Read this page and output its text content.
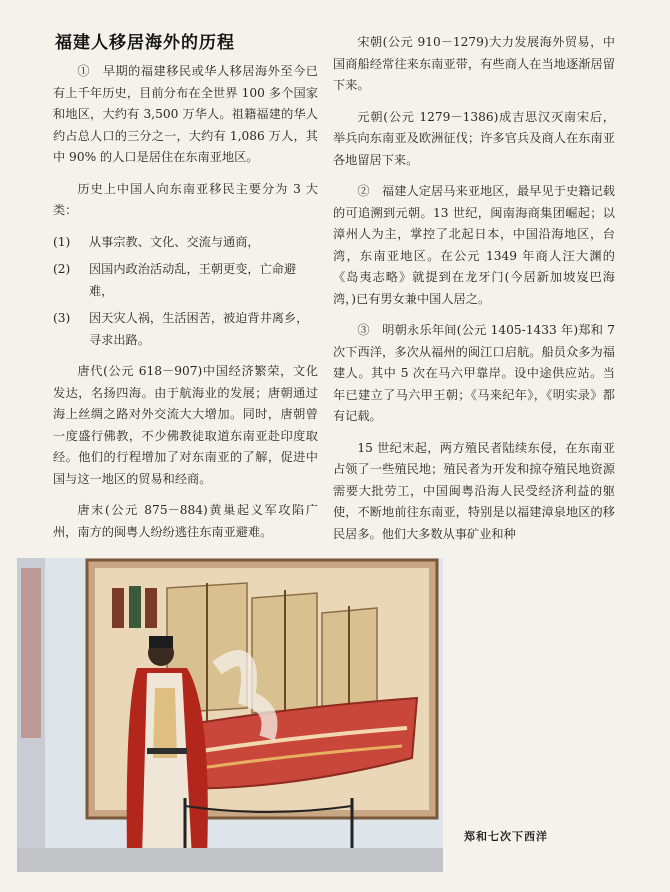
福建人移居海外的历程

①　早期的福建移民或华人移居海外至今已有上千年历史，目前分布在全世界 100 多个国家和地区，大约有 3,500 万华人。祖籍福建的华人约占总人口的三分之一，大约有 1,086 万人，其中 90% 的人口是居住在东南亚地区。

历史上中国人向东南亚移民主要分为 3 大类：

(1) 从事宗教、文化、交流与通商，
(2) 因国内政治活动乱，王朝更变，亡命避难，
(3) 因天灾人祸，生活困苦，被迫背井离乡，寻求出路。

唐代(公元 618－907)中国经济繁荣，文化发达，名扬四海。由于航海业的发展；唐朝通过海上丝绸之路对外交流大大增加。同时，唐朝曾一度盛行佛教，不少佛教徒取道东南亚赴印度取经。他们的行程增加了对东南亚的了解，促进中国与这一地区的贸易和经商。

唐末(公元 875－884)黄巢起义军攻陷广州，南方的闽粤人纷纷逃往东南亚避难。

宋朝(公元 910－1279)大力发展海外贸易，中国商船经常往来东南亚带，有些商人在当地逐渐居留下来。

元朝(公元 1279－1386)成吉思汉灭南宋后，举兵向东南亚及欧洲征伐；许多官兵及商人在东南亚各地留居下来。

②　福建人定居马来亚地区，最早见于史籍记载的可追溯到元朝。13 世纪，闽南海商集团崛起；以漳州人为主，掌控了北起日本，中国沿海地区，台湾，东南亚地区。在公元 1349 年商人汪大渊的《岛夷志略》就提到在龙牙门(今居新加坡岌巴海湾，)已有男女兼中国人居之。

③　明朝永乐年间(公元 1405-1433 年)郑和 7 次下西洋，多次从福州的闽江口启航。船员众多为福建人。其中 5 次在马六甲靠岸。设中途供应站。当年已建立了马六甲王朝；《马来纪年》，《明实录》都有记载。

15 世纪末起，两方殖民者陆续东侵，在东南亚占领了一些殖民地；殖民者为开发和掠夺殖民地资源需要大批劳工，中国闽粤沿海人民受经济利益的躯使，不断地前往东南亚，特别是以福建漳泉地区的移民居多。他们大多数从事矿业和种

郑和七次下西洋
